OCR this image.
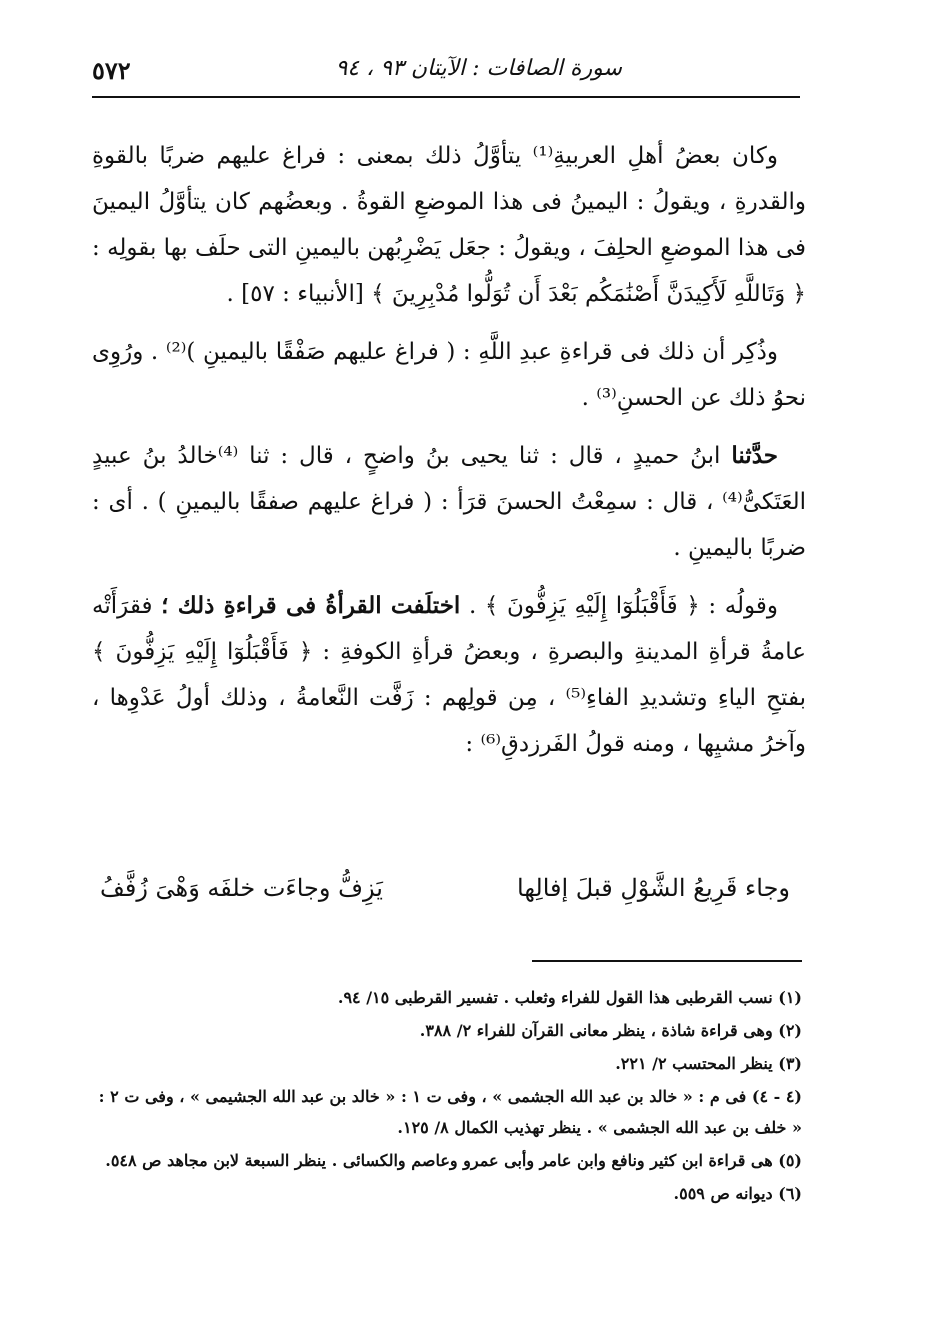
٥٧٢	سورة الصافات : الآيتان ٩٣ ، ٩٤

وكان بعضُ أهلِ العربيةِ⁽¹⁾ يتأوَّلُ ذلك بمعنى : فراغ عليهم ضربًا بالقوةِ والقدرةِ ، ويقولُ : اليمينُ فى هذا الموضعِ القوةُ . وبعضُهم كان يتأوَّلُ اليمينَ فى هذا الموضعِ الحلِفَ ، ويقولُ : جعَل يَضْرِبُهن باليمينِ التى حلَف بها بقولِه : ﴿ وَتَاللَّهِ لَأَكِيدَنَّ أَصْنَٰمَكُم بَعْدَ أَن تُوَلُّوا مُدْبِرِينَ ﴾ [الأنبياء : ٥٧] .

وذُكِر أن ذلك فى قراءةِ عبدِ اللَّهِ : ( فراغ عليهم صَفْقًا باليمينِ )⁽²⁾ . ورُوِى نحوُ ذلك عن الحسنِ⁽³⁾ .

حدَّثنا ابنُ حميدٍ ، قال : ثنا يحيى بنُ واضحٍ ، قال : ثنا ⁽⁴⁾خالدُ بنُ عبيدٍ العَتَكىُّ⁽⁴⁾ ، قال : سمِعْتُ الحسنَ قرَأ : ( فراغ عليهم صفقًا باليمينِ ) . أى : ضربًا باليمينِ .

وقولُه : ﴿ فَأَقْبَلُوٓا إِلَيْهِ يَزِفُّونَ ﴾ . اختلَفت القرأةُ فى قراءةِ ذلك ؛ فقرَأَتْه عامةُ قرأةِ المدينةِ والبصرةِ ، وبعضُ قرأةِ الكوفةِ : ﴿ فَأَقْبَلُوٓا إِلَيْهِ يَزِفُّونَ ﴾ بفتحِ الياءِ وتشديدِ الفاءِ⁽⁵⁾ ، مِن قولِهم : زَفَّت النَّعامةُ ، وذلك أولُ عَدْوِها ، وآخرُ مشيِها ، ومنه قولُ الفَرزدقِ⁽⁶⁾ :

وجاء قَرِيعُ الشَّوْلِ قبلَ إفالِها
يَزِفُّ وجاءَت خلفَه وَهْىَ زُفَّفُ
(١) نسب القرطبى هذا القول للفراء وثعلب . تفسير القرطبى ١٥/ ٩٤.
(٢) وهى قراءة شاذة ، ينظر معانى القرآن للفراء ٢/ ٣٨٨.
(٣) ينظر المحتسب ٢/ ٢٢١.
(٤ - ٤) فى م : « خالد بن عبد الله الجشمى » ، وفى ت ١ : « خالد بن عبد الله الجشيمى » ، وفى ت ٢ : « خلف بن عبد الله الجشمى » . ينظر تهذيب الكمال ٨/ ١٢٥.
(٥) هى قراءة ابن كثير ونافع وابن عامر وأبى عمرو وعاصم والكسائى . ينظر السبعة لابن مجاهد ص ٥٤٨.
(٦) ديوانه ص ٥٥٩.
